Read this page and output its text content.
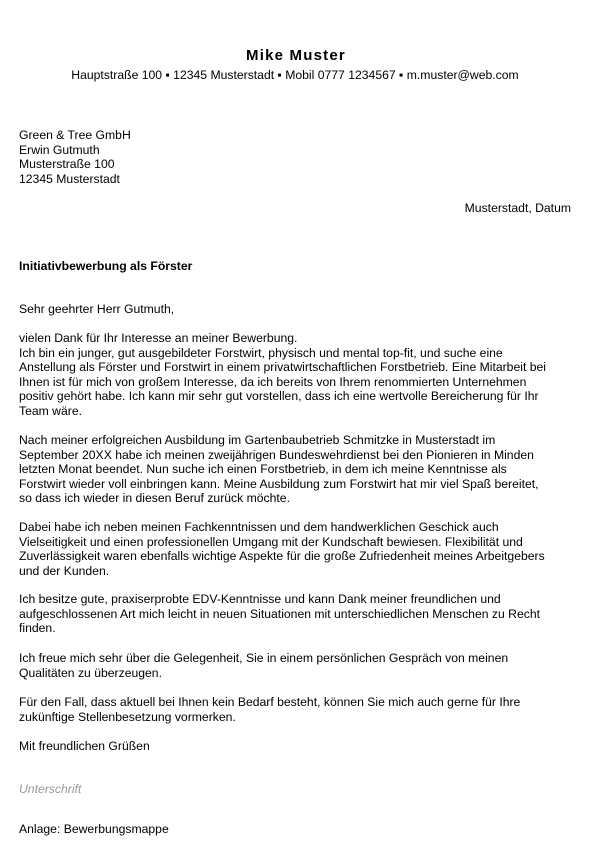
Mike Muster
Hauptstraße 100 ▪ 12345 Musterstadt ▪ Mobil 0777 1234567 ▪ m.muster@web.com
Green & Tree GmbH
Erwin Gutmuth
Musterstraße 100
12345 Musterstadt
Musterstadt, Datum
Initiativbewerbung als Förster
Sehr geehrter Herr Gutmuth,
vielen Dank für Ihr Interesse an meiner Bewerbung.
Ich bin ein junger, gut ausgebildeter Forstwirt, physisch und mental top-fit, und suche eine
Anstellung als Förster und Forstwirt in einem privatwirtschaftlichen Forstbetrieb. Eine Mitarbeit bei
Ihnen ist für mich von großem Interesse, da ich bereits von Ihrem renommierten Unternehmen
positiv gehört habe. Ich kann mir sehr gut vorstellen, dass ich eine wertvolle Bereicherung für Ihr
Team wäre.
Nach meiner erfolgreichen Ausbildung im Gartenbaubetrieb Schmitzke in Musterstadt im
September 20XX habe ich meinen zweijährigen Bundeswehrdienst bei den Pionieren in Minden
letzten Monat beendet. Nun suche ich einen Forstbetrieb, in dem ich meine Kenntnisse als
Forstwirt wieder voll einbringen kann. Meine Ausbildung zum Forstwirt hat mir viel Spaß bereitet,
so dass ich wieder in diesen Beruf zurück möchte.
Dabei habe ich neben meinen Fachkenntnissen und dem handwerklichen Geschick auch
Vielseitigkeit und einen professionellen Umgang mit der Kundschaft bewiesen. Flexibilität und
Zuverlässigkeit waren ebenfalls wichtige Aspekte für die große Zufriedenheit meines Arbeitgebers
und der Kunden.
Ich besitze gute, praxiserprobte EDV-Kenntnisse und kann Dank meiner freundlichen und
aufgeschlossenen Art mich leicht in neuen Situationen mit unterschiedlichen Menschen zu Recht
finden.
Ich freue mich sehr über die Gelegenheit, Sie in einem persönlichen Gespräch von meinen
Qualitäten zu überzeugen.
Für den Fall, dass aktuell bei Ihnen kein Bedarf besteht, können Sie mich auch gerne für Ihre
zukünftige Stellenbesetzung vormerken.
Mit freundlichen Grüßen
Unterschrift
Anlage: Bewerbungsmappe
